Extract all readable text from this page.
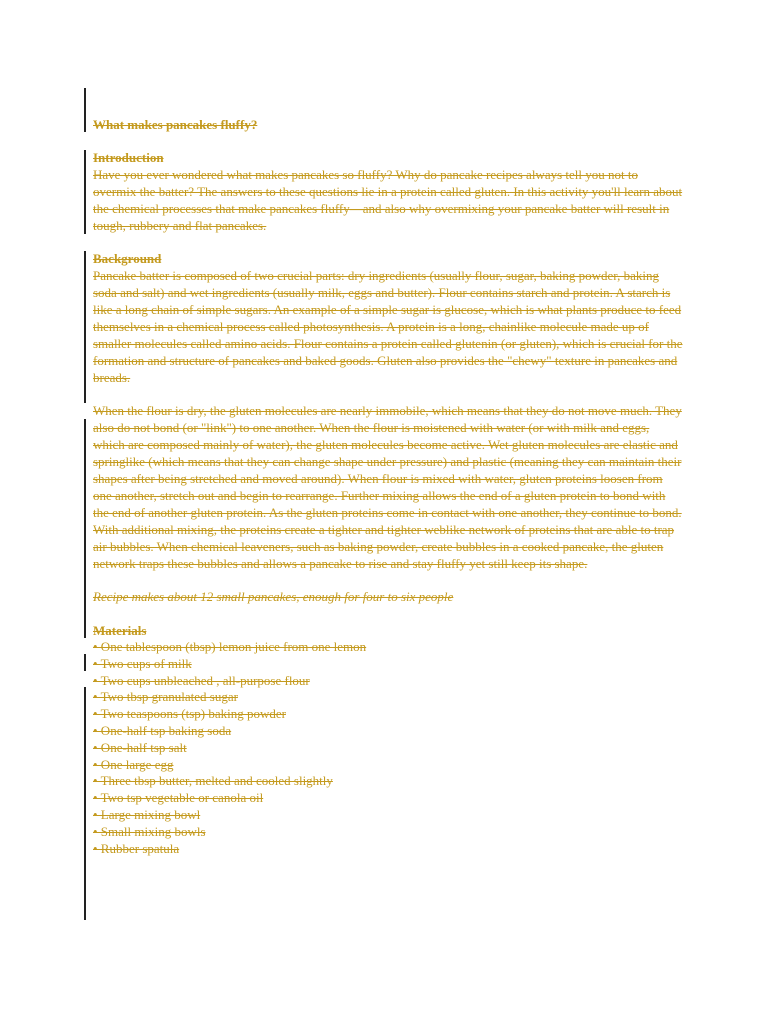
What makes pancakes fluffy?
Introduction
Have you ever wondered what makes pancakes so fluffy? Why do pancake recipes always tell you not to overmix the batter? The answers to these questions lie in a protein called gluten. In this activity you'll learn about the chemical processes that make pancakes fluffy—and also why overmixing your pancake batter will result in tough, rubbery and flat pancakes.
Background
Pancake batter is composed of two crucial parts: dry ingredients (usually flour, sugar, baking powder, baking soda and salt) and wet ingredients (usually milk, eggs and butter). Flour contains starch and protein. A starch is like a long chain of simple sugars. An example of a simple sugar is glucose, which is what plants produce to feed themselves in a chemical process called photosynthesis. A protein is a long, chainlike molecule made up of smaller molecules called amino acids. Flour contains a protein called glutenin (or gluten), which is crucial for the formation and structure of pancakes and baked goods. Gluten also provides the "chewy" texture in pancakes and breads.
When the flour is dry, the gluten molecules are nearly immobile, which means that they do not move much. They also do not bond (or "link") to one another. When the flour is moistened with water (or with milk and eggs, which are composed mainly of water), the gluten molecules become active. Wet gluten molecules are elastic and springlike (which means that they can change shape under pressure) and plastic (meaning they can maintain their shapes after being stretched and moved around). When flour is mixed with water, gluten proteins loosen from one another, stretch out and begin to rearrange. Further mixing allows the end of a gluten protein to bond with the end of another gluten protein. As the gluten proteins come in contact with one another, they continue to bond. With additional mixing, the proteins create a tighter and tighter weblike network of proteins that are able to trap air bubbles. When chemical leaveners, such as baking powder, create bubbles in a cooked pancake, the gluten network traps these bubbles and allows a pancake to rise and stay fluffy yet still keep its shape.
Recipe makes about 12 small pancakes, enough for four to six people
Materials
• One tablespoon (tbsp) lemon juice from one lemon
• Two cups of milk
• Two cups unbleached , all-purpose flour
• Two tbsp granulated sugar
• Two teaspoons (tsp) baking powder
• One-half tsp baking soda
• One-half tsp salt
• One large egg
• Three tbsp butter, melted and cooled slightly
• Two tsp vegetable or canola oil
• Large mixing bowl
• Small mixing bowls
• Rubber spatula
